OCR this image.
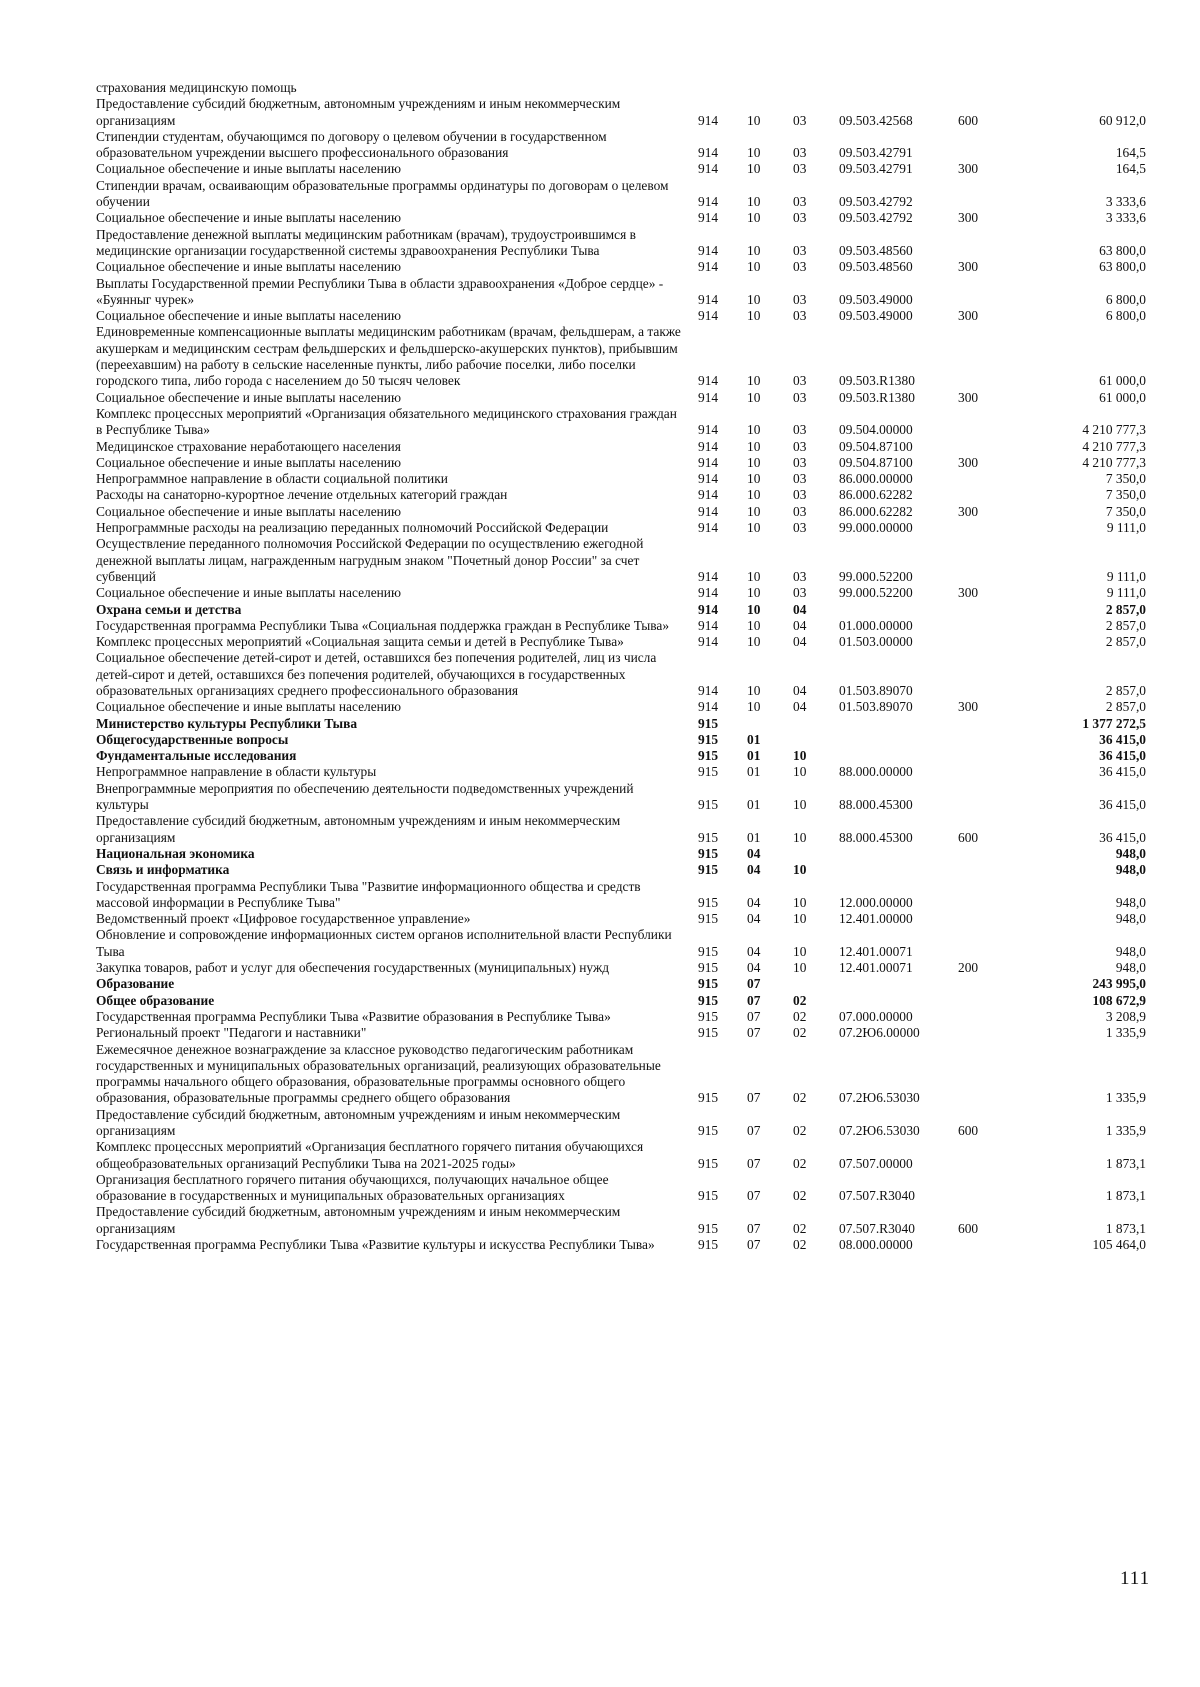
страхования медицинскую помощь						
Предоставление субсидий бюджетным, автономным учреждениям и иным некоммерческим организациям	914	10	03	09.503.42568	600	60 912,0
Стипендии студентам, обучающимся по договору о целевом обучении в государственном образовательном учреждении высшего профессионального образования	914	10	03	09.503.42791		164,5
Социальное обеспечение и иные выплаты населению	914	10	03	09.503.42791	300	164,5
Стипендии врачам, осваивающим образовательные программы ординатуры по договорам о целевом обучении	914	10	03	09.503.42792		3 333,6
Социальное обеспечение и иные выплаты населению	914	10	03	09.503.42792	300	3 333,6
Предоставление денежной выплаты медицинским работникам (врачам), трудоустроившимся в медицинские организации государственной системы здравоохранения Республики Тыва	914	10	03	09.503.48560		63 800,0
Социальное обеспечение и иные выплаты населению	914	10	03	09.503.48560	300	63 800,0
Выплаты Государственной премии Республики Тыва в области здравоохранения «Доброе сердце» - «Буянныг чурек»	914	10	03	09.503.49000		6 800,0
Социальное обеспечение и иные выплаты населению	914	10	03	09.503.49000	300	6 800,0
Единовременные компенсационные выплаты медицинским работникам (врачам, фельдшерам, а также акушеркам и медицинским сестрам фельдшерских и фельдшерско-акушерских пунктов), прибывшим (переехавшим) на работу в сельские населенные пункты, либо рабочие поселки, либо поселки городского типа, либо города с населением до 50 тысяч человек	914	10	03	09.503.R1380		61 000,0
Социальное обеспечение и иные выплаты населению	914	10	03	09.503.R1380	300	61 000,0
Комплекс процессных мероприятий «Организация обязательного медицинского страхования граждан в Республике Тыва»	914	10	03	09.504.00000		4 210 777,3
Медицинское страхование неработающего населения	914	10	03	09.504.87100		4 210 777,3
Социальное обеспечение и иные выплаты населению	914	10	03	09.504.87100	300	4 210 777,3
Непрограммное направление в области социальной политики	914	10	03	86.000.00000		7 350,0
Расходы на санаторно-курортное лечение отдельных категорий граждан	914	10	03	86.000.62282		7 350,0
Социальное обеспечение и иные выплаты населению	914	10	03	86.000.62282	300	7 350,0
Непрограммные расходы на реализацию переданных полномочий Российской Федерации	914	10	03	99.000.00000		9 111,0
Осуществление переданного полномочия Российской Федерации по осуществлению ежегодной денежной выплаты лицам, награжденным нагрудным знаком "Почетный донор России" за счет субвенций	914	10	03	99.000.52200		9 111,0
Социальное обеспечение и иные выплаты населению	914	10	03	99.000.52200	300	9 111,0
Охрана семьи и детства	914	10	04			2 857,0
Государственная программа Республики Тыва «Социальная поддержка граждан в Республике Тыва»	914	10	04	01.000.00000		2 857,0
Комплекс процессных мероприятий «Социальная защита семьи и детей в Республике Тыва»	914	10	04	01.503.00000		2 857,0
Социальное обеспечение детей-сирот и детей, оставшихся без попечения родителей, лиц из числа детей-сирот и детей, оставшихся без попечения родителей, обучающихся в государственных образовательных организациях среднего профессионального образования	914	10	04	01.503.89070		2 857,0
Социальное обеспечение и иные выплаты населению	914	10	04	01.503.89070	300	2 857,0
Министерство культуры Республики Тыва	915					1 377 272,5
Общегосударственные вопросы	915	01				36 415,0
Фундаментальные исследования	915	01	10			36 415,0
Непрограммное направление в области культуры	915	01	10	88.000.00000		36 415,0
Внепрограммные мероприятия по обеспечению деятельности подведомственных учреждений культуры	915	01	10	88.000.45300		36 415,0
Предоставление субсидий бюджетным, автономным учреждениям и иным некоммерческим организациям	915	01	10	88.000.45300	600	36 415,0
Национальная экономика	915	04				948,0
Связь и информатика	915	04	10			948,0
Государственная программа Республики Тыва "Развитие информационного общества и средств массовой информации в Республике Тыва"	915	04	10	12.000.00000		948,0
Ведомственный проект «Цифровое государственное управление»	915	04	10	12.401.00000		948,0
Обновление и сопровождение информационных систем органов исполнительной власти Республики Тыва	915	04	10	12.401.00071		948,0
Закупка товаров, работ и услуг для обеспечения государственных (муниципальных) нужд	915	04	10	12.401.00071	200	948,0
Образование	915	07				243 995,0
Общее образование	915	07	02			108 672,9
Государственная программа Республики Тыва «Развитие образования в Республике Тыва»	915	07	02	07.000.00000		3 208,9
Региональный проект "Педагоги и наставники"	915	07	02	07.2Ю6.00000		1 335,9
Ежемесячное денежное вознаграждение за классное руководство педагогическим работникам государственных и муниципальных образовательных организаций, реализующих образовательные программы начального общего образования, образовательные программы основного общего образования, образовательные программы среднего общего образования	915	07	02	07.2Ю6.53030		1 335,9
Предоставление субсидий бюджетным, автономным учреждениям и иным некоммерческим организациям	915	07	02	07.2Ю6.53030	600	1 335,9
Комплекс процессных мероприятий «Организация бесплатного горячего питания обучающихся общеобразовательных организаций Республики Тыва на 2021-2025 годы»	915	07	02	07.507.00000		1 873,1
Организация бесплатного горячего питания обучающихся, получающих начальное общее образование в государственных и муниципальных образовательных организациях	915	07	02	07.507.R3040		1 873,1
Предоставление субсидий бюджетным, автономным учреждениям и иным некоммерческим организациям	915	07	02	07.507.R3040	600	1 873,1
Государственная программа Республики Тыва «Развитие культуры и искусства Республики Тыва»	915	07	02	08.000.00000		105 464,0
111
